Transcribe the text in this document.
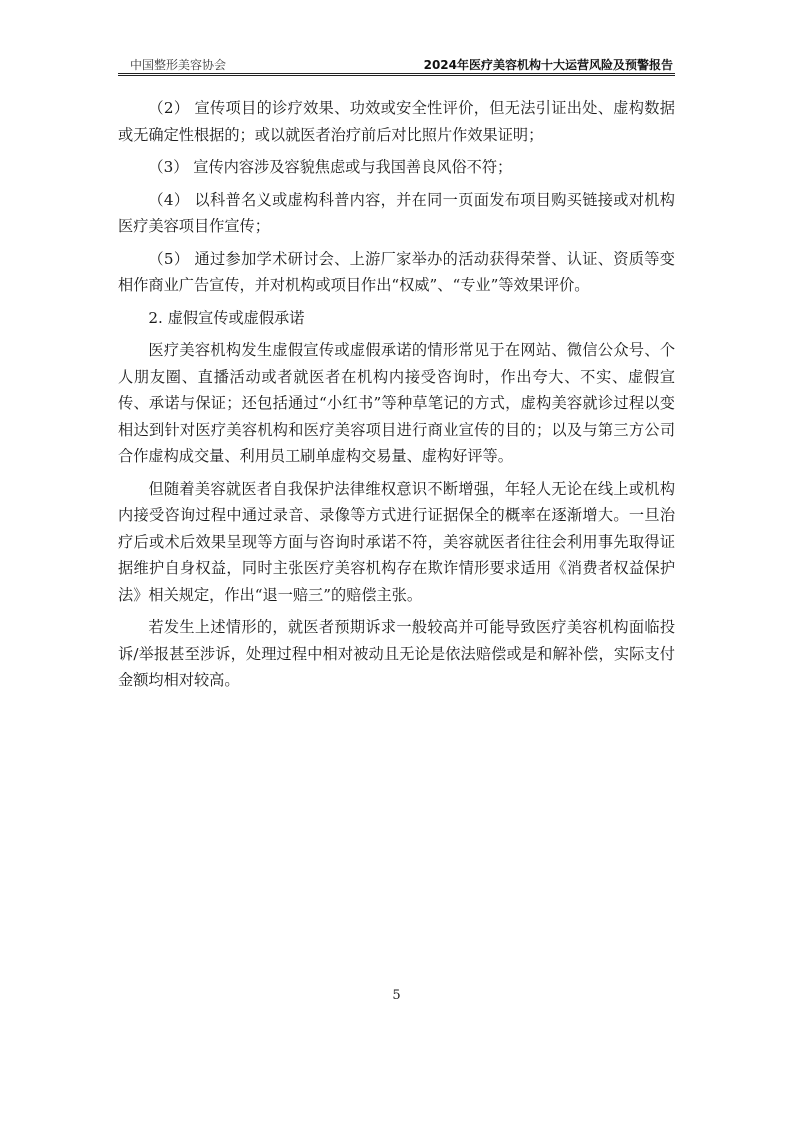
中国整形美容协会	2024年医疗美容机构十大运营风险及预警报告

（2） 宣传项目的诊疗效果、功效或安全性评价，但无法引证出处、虚构数据或无确定性根据的；或以就医者治疗前后对比照片作效果证明；

（3） 宣传内容涉及容貌焦虑或与我国善良风俗不符；

（4） 以科普名义或虚构科普内容，并在同一页面发布项目购买链接或对机构医疗美容项目作宣传；

（5） 通过参加学术研讨会、上游厂家举办的活动获得荣誉、认证、资质等变相作商业广告宣传，并对机构或项目作出“权威”、“专业”等效果评价。

2. 虚假宣传或虚假承诺

医疗美容机构发生虚假宣传或虚假承诺的情形常见于在网站、微信公众号、个人朋友圈、直播活动或者就医者在机构内接受咨询时，作出夸大、不实、虚假宣传、承诺与保证；还包括通过“小红书”等种草笔记的方式，虚构美容就诊过程以变相达到针对医疗美容机构和医疗美容项目进行商业宣传的目的；以及与第三方公司合作虚构成交量、利用员工刷单虚构交易量、虚构好评等。

但随着美容就医者自我保护法律维权意识不断增强，年轻人无论在线上或机构内接受咨询过程中通过录音、录像等方式进行证据保全的概率在逐渐增大。一旦治疗后或术后效果呈现等方面与咨询时承诺不符，美容就医者往往会利用事先取得证据维护自身权益，同时主张医疗美容机构存在欺诈情形要求适用《消费者权益保护法》相关规定，作出“退一赔三”的赔偿主张。

若发生上述情形的，就医者预期诉求一般较高并可能导致医疗美容机构面临投诉/举报甚至涉诉，处理过程中相对被动且无论是依法赔偿或是和解补偿，实际支付金额均相对较高。

5
